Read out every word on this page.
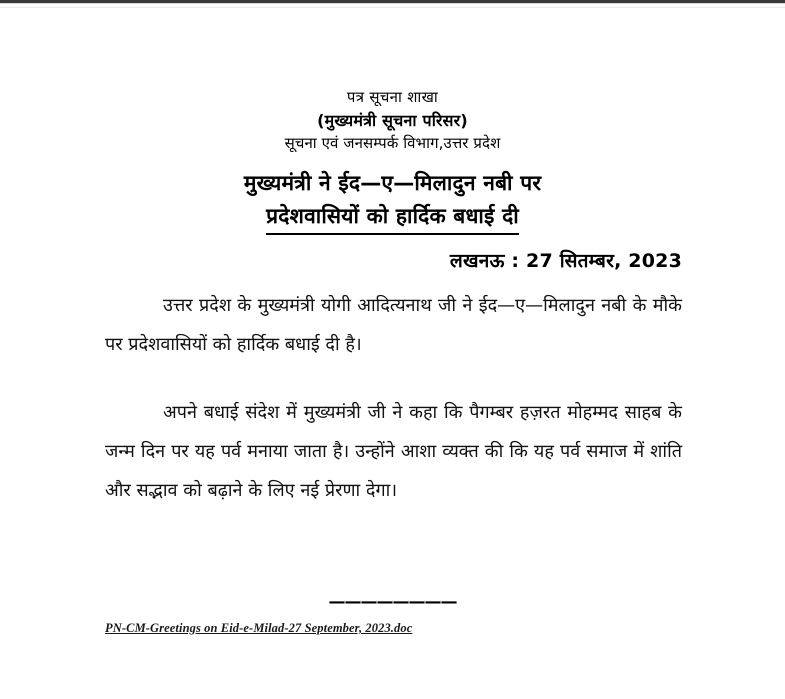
पत्र सूचना शाखा
(मुख्यमंत्री सूचना परिसर)
सूचना एवं जनसम्पर्क विभाग,उत्तर प्रदेश
मुख्यमंत्री ने ईद—ए—मिलादुन नबी पर
प्रदेशवासियों को हार्दिक बधाई दी
लखनऊ : 27 सितम्बर, 2023

उत्तर प्रदेश के मुख्यमंत्री योगी आदित्यनाथ जी ने ईद—ए—मिलादुन नबी के मौके पर प्रदेशवासियों को हार्दिक बधाई दी है।

अपने बधाई संदेश में मुख्यमंत्री जी ने कहा कि पैगम्बर हज़रत मोहम्मद साहब के जन्म दिन पर यह पर्व मनाया जाता है। उन्होंने आशा व्यक्त की कि यह पर्व समाज में शांति और सद्भाव को बढ़ाने के लिए नई प्रेरणा देगा।

————————
PN-CM-Greetings on Eid-e-Milad-27 September, 2023.doc
